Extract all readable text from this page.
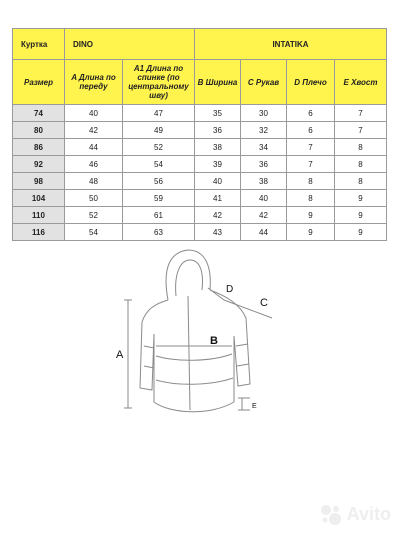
Куртка	DINO		INTATIKA			
Размер	A Длина по переду	A1 Длина по спинке (по центральному шву)	B Ширина	C Рукав	D Плечо	E Хвост
74	40	47	35	30	6	7
80	42	49	36	32	6	7
86	44	52	38	34	7	8
92	46	54	39	36	7	8
98	48	56	40	38	8	8
104	50	59	41	40	8	9
110	52	61	42	42	9	9
116	54	63	43	44	9	9
A
B
C
D
E
Avito
